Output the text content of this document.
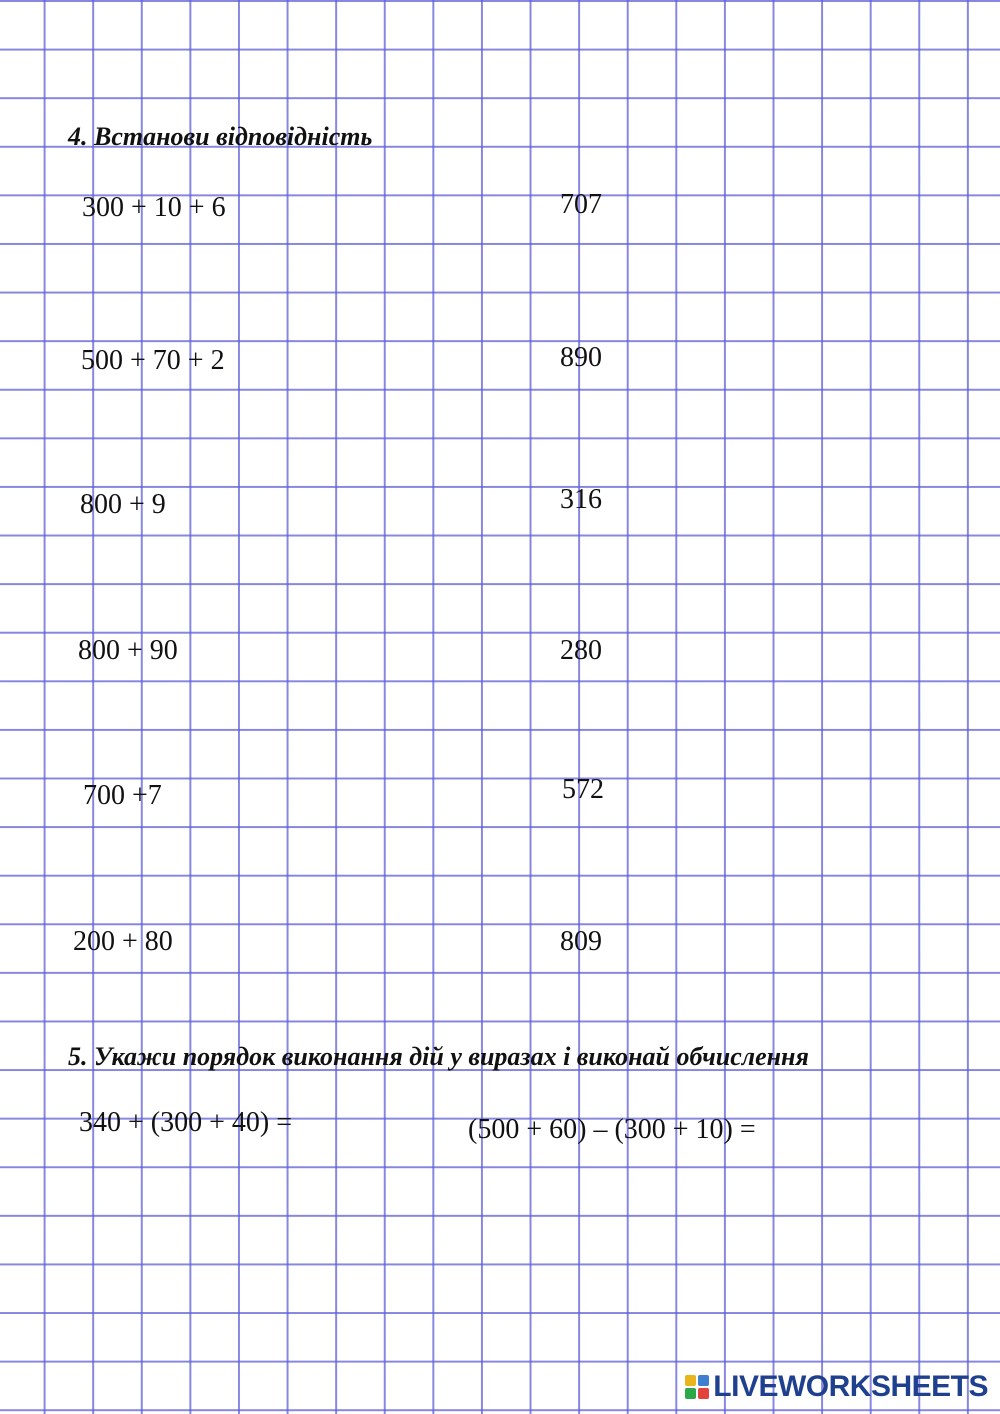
4. Встанови відповідність
300 + 10 + 6
500 + 70 + 2
800 + 9
800 + 90
700 +7
200 + 80
707
890
316
280
572
809
5. Укажи порядок виконання дій у виразах і виконай обчислення
340 + (300 + 40) =	(500 + 60) – (300 + 10) =
LIVEWORKSHEETS
